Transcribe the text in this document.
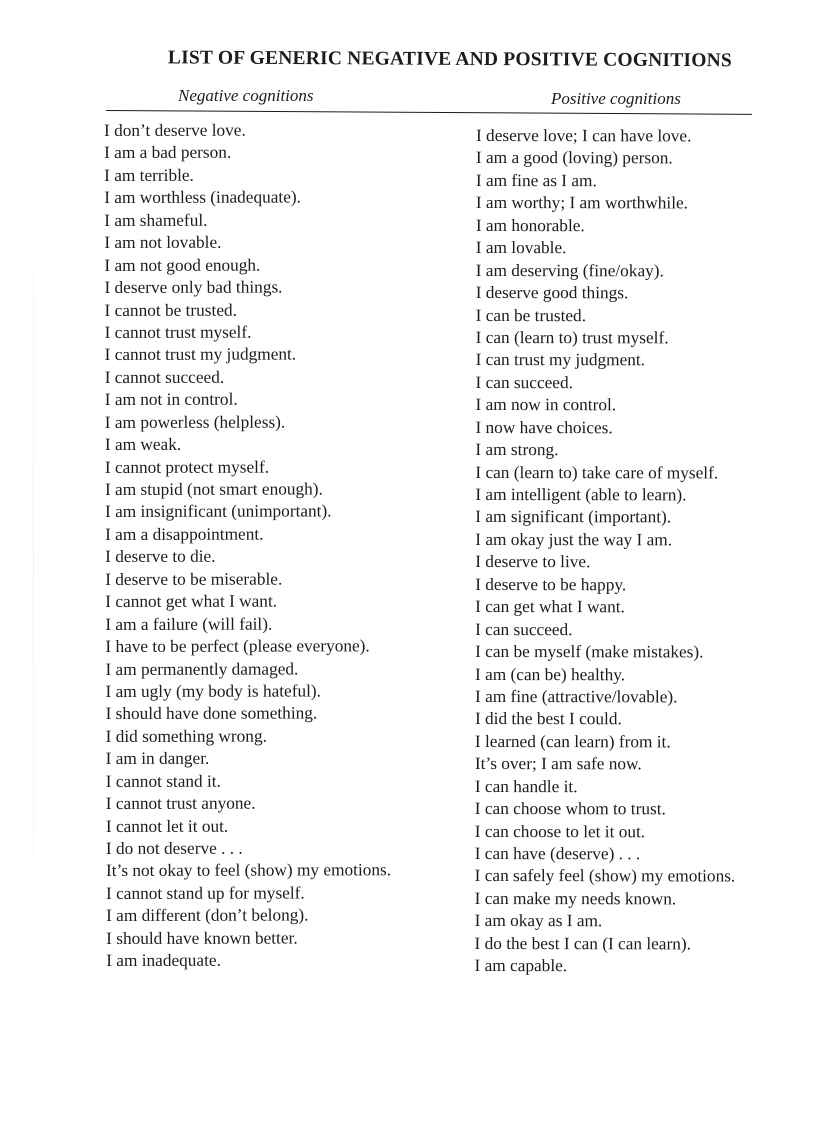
LIST OF GENERIC NEGATIVE AND POSITIVE COGNITIONS
Negative cognitions	Positive cognitions
I don’t deserve love.
I am a bad person.
I am terrible.
I am worthless (inadequate).
I am shameful.
I am not lovable.
I am not good enough.
I deserve only bad things.
I cannot be trusted.
I cannot trust myself.
I cannot trust my judgment.
I cannot succeed.
I am not in control.
I am powerless (helpless).
I am weak.
I cannot protect myself.
I am stupid (not smart enough).
I am insignificant (unimportant).
I am a disappointment.
I deserve to die.
I deserve to be miserable.
I cannot get what I want.
I am a failure (will fail).
I have to be perfect (please everyone).
I am permanently damaged.
I am ugly (my body is hateful).
I should have done something.
I did something wrong.
I am in danger.
I cannot stand it.
I cannot trust anyone.
I cannot let it out.
I do not deserve . . .
It’s not okay to feel (show) my emotions.
I cannot stand up for myself.
I am different (don’t belong).
I should have known better.
I am inadequate.
I deserve love; I can have love.
I am a good (loving) person.
I am fine as I am.
I am worthy; I am worthwhile.
I am honorable.
I am lovable.
I am deserving (fine/okay).
I deserve good things.
I can be trusted.
I can (learn to) trust myself.
I can trust my judgment.
I can succeed.
I am now in control.
I now have choices.
I am strong.
I can (learn to) take care of myself.
I am intelligent (able to learn).
I am significant (important).
I am okay just the way I am.
I deserve to live.
I deserve to be happy.
I can get what I want.
I can succeed.
I can be myself (make mistakes).
I am (can be) healthy.
I am fine (attractive/lovable).
I did the best I could.
I learned (can learn) from it.
It’s over; I am safe now.
I can handle it.
I can choose whom to trust.
I can choose to let it out.
I can have (deserve) . . .
I can safely feel (show) my emotions.
I can make my needs known.
I am okay as I am.
I do the best I can (I can learn).
I am capable.
